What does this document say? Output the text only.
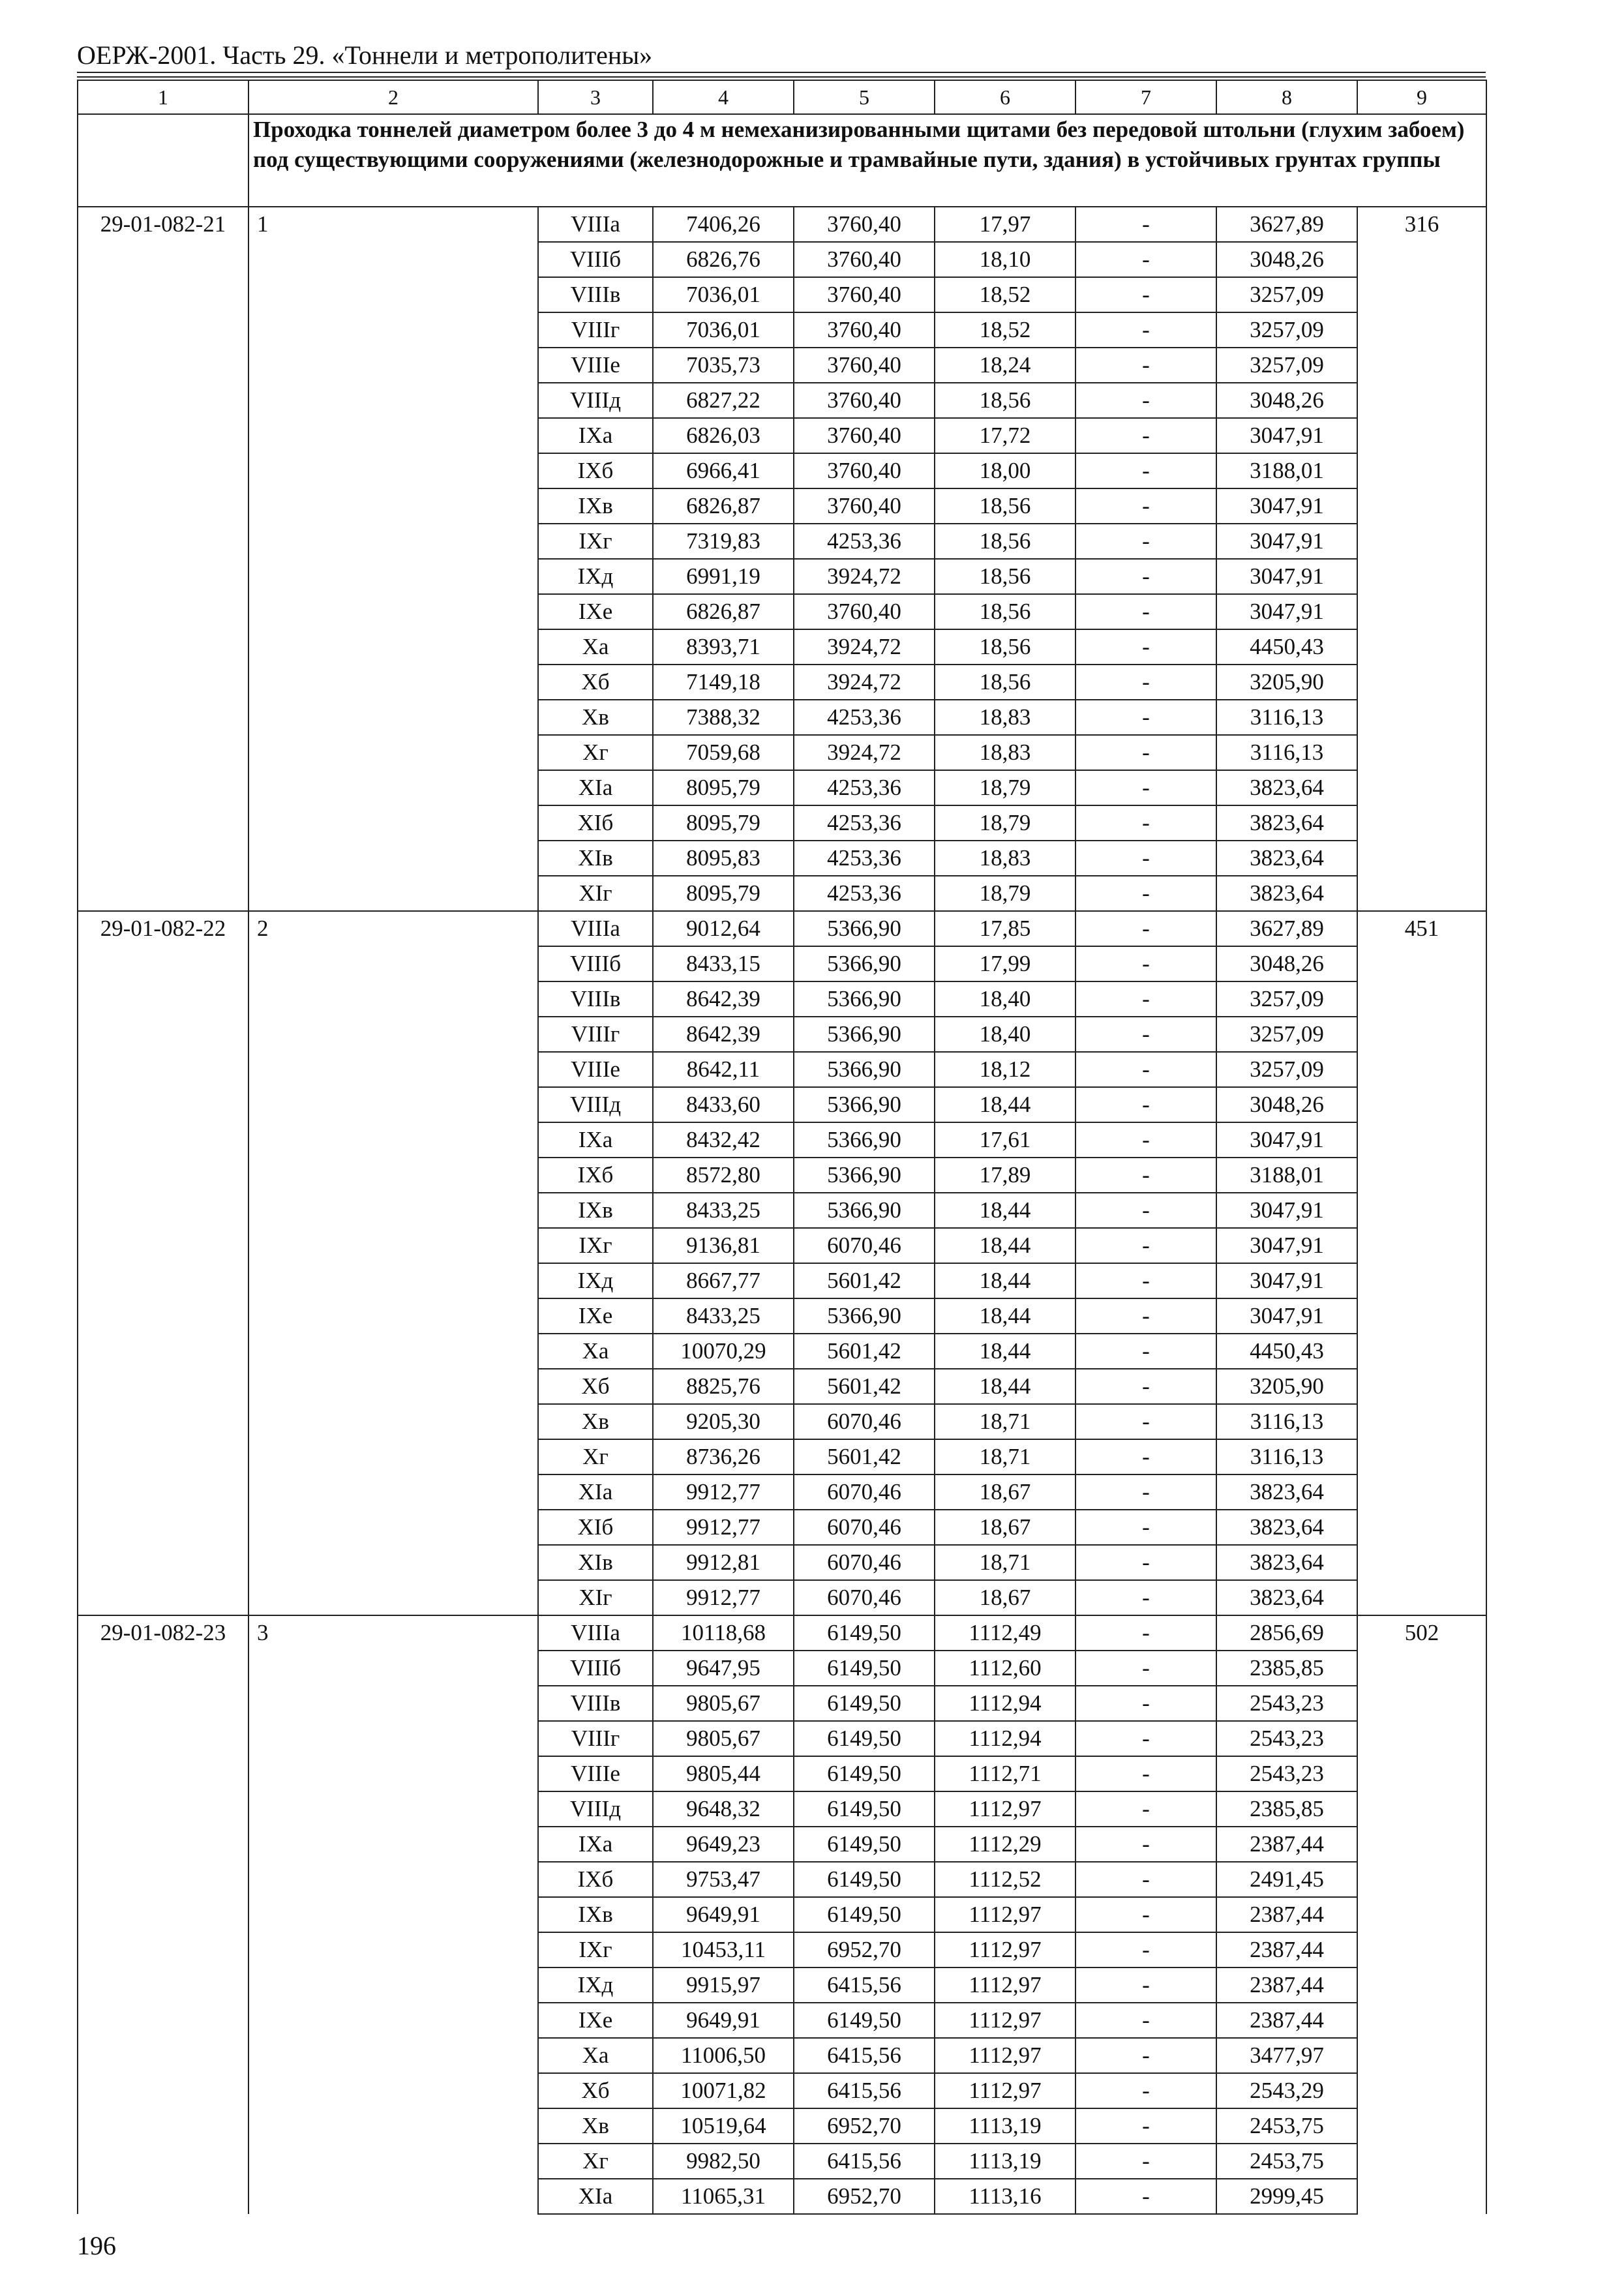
ОЕРЖ-2001. Часть 29. «Тоннели и метрополитены»
1	2	3	4	5	6	7	8	9
	Проходка тоннелей диаметром более 3 до 4 м немеханизированными щитами без передовой штольни (глухим забоем) под существующими сооружениями (железнодорожные и трамвайные пути, здания) в устойчивых грунтах группы							
29-01-082-21	1	VIIIа	7406,26	3760,40	17,97	-	3627,89	316
		VIIIб	6826,76	3760,40	18,10	-	3048,26	
		VIIIв	7036,01	3760,40	18,52	-	3257,09	
		VIIIг	7036,01	3760,40	18,52	-	3257,09	
		VIIIе	7035,73	3760,40	18,24	-	3257,09	
		VIIIд	6827,22	3760,40	18,56	-	3048,26	
		IXа	6826,03	3760,40	17,72	-	3047,91	
		IXб	6966,41	3760,40	18,00	-	3188,01	
		IXв	6826,87	3760,40	18,56	-	3047,91	
		IXг	7319,83	4253,36	18,56	-	3047,91	
		IXд	6991,19	3924,72	18,56	-	3047,91	
		IXе	6826,87	3760,40	18,56	-	3047,91	
		Xа	8393,71	3924,72	18,56	-	4450,43	
		Xб	7149,18	3924,72	18,56	-	3205,90	
		Xв	7388,32	4253,36	18,83	-	3116,13	
		Xг	7059,68	3924,72	18,83	-	3116,13	
		XIа	8095,79	4253,36	18,79	-	3823,64	
		XIб	8095,79	4253,36	18,79	-	3823,64	
		XIв	8095,83	4253,36	18,83	-	3823,64	
		XIг	8095,79	4253,36	18,79	-	3823,64	
29-01-082-22	2	VIIIа	9012,64	5366,90	17,85	-	3627,89	451
		VIIIб	8433,15	5366,90	17,99	-	3048,26	
		VIIIв	8642,39	5366,90	18,40	-	3257,09	
		VIIIг	8642,39	5366,90	18,40	-	3257,09	
		VIIIе	8642,11	5366,90	18,12	-	3257,09	
		VIIIд	8433,60	5366,90	18,44	-	3048,26	
		IXа	8432,42	5366,90	17,61	-	3047,91	
		IXб	8572,80	5366,90	17,89	-	3188,01	
		IXв	8433,25	5366,90	18,44	-	3047,91	
		IXг	9136,81	6070,46	18,44	-	3047,91	
		IXд	8667,77	5601,42	18,44	-	3047,91	
		IXе	8433,25	5366,90	18,44	-	3047,91	
		Xа	10070,29	5601,42	18,44	-	4450,43	
		Xб	8825,76	5601,42	18,44	-	3205,90	
		Xв	9205,30	6070,46	18,71	-	3116,13	
		Xг	8736,26	5601,42	18,71	-	3116,13	
		XIа	9912,77	6070,46	18,67	-	3823,64	
		XIб	9912,77	6070,46	18,67	-	3823,64	
		XIв	9912,81	6070,46	18,71	-	3823,64	
		XIг	9912,77	6070,46	18,67	-	3823,64	
29-01-082-23	3	VIIIа	10118,68	6149,50	1112,49	-	2856,69	502
		VIIIб	9647,95	6149,50	1112,60	-	2385,85	
		VIIIв	9805,67	6149,50	1112,94	-	2543,23	
		VIIIг	9805,67	6149,50	1112,94	-	2543,23	
		VIIIе	9805,44	6149,50	1112,71	-	2543,23	
		VIIIд	9648,32	6149,50	1112,97	-	2385,85	
		IXа	9649,23	6149,50	1112,29	-	2387,44	
		IXб	9753,47	6149,50	1112,52	-	2491,45	
		IXв	9649,91	6149,50	1112,97	-	2387,44	
		IXг	10453,11	6952,70	1112,97	-	2387,44	
		IXд	9915,97	6415,56	1112,97	-	2387,44	
		IXе	9649,91	6149,50	1112,97	-	2387,44	
		Xа	11006,50	6415,56	1112,97	-	3477,97	
		Xб	10071,82	6415,56	1112,97	-	2543,29	
		Xв	10519,64	6952,70	1113,19	-	2453,75	
		Xг	9982,50	6415,56	1113,19	-	2453,75	
		XIа	11065,31	6952,70	1113,16	-	2999,45	
196
